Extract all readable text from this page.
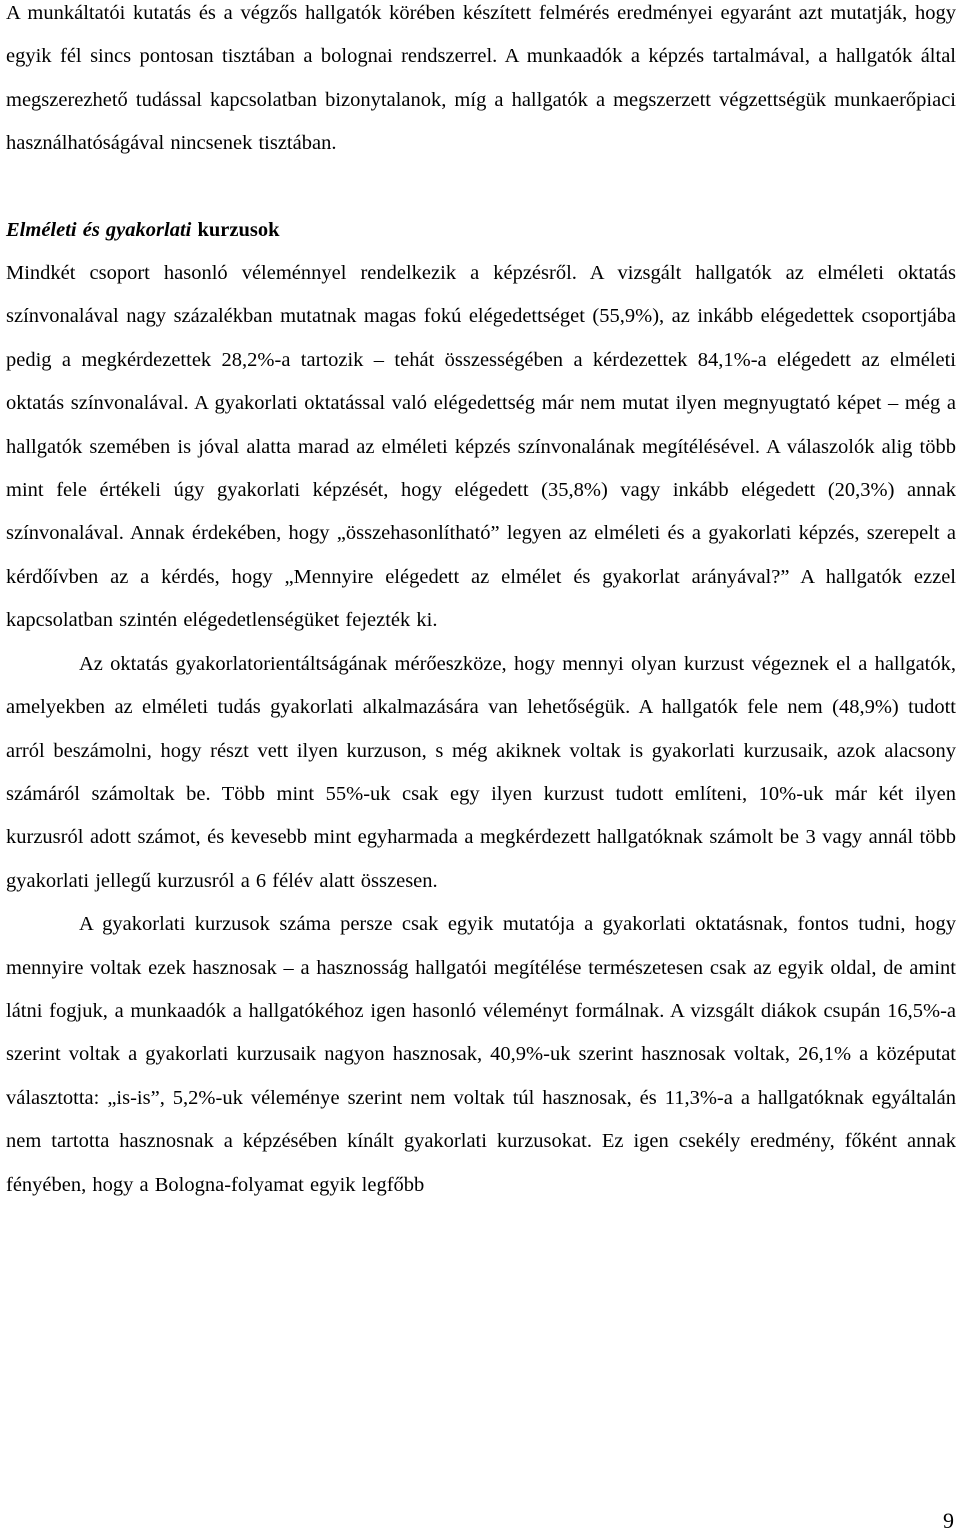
A munkáltatói kutatás és a végzős hallgatók körében készített felmérés eredményei egyaránt azt mutatják, hogy egyik fél sincs pontosan tisztában a bolognai rendszerrel. A munkaadók a képzés tartalmával, a hallgatók által megszerezhető tudással kapcsolatban bizonytalanok, míg a hallgatók a megszerzett végzettségük munkaerőpiaci használhatóságával nincsenek tisztában.

Elméleti és gyakorlati kurzusok

Mindkét csoport hasonló véleménnyel rendelkezik a képzésről. A vizsgált hallgatók az elméleti oktatás színvonalával nagy százalékban mutatnak magas fokú elégedettséget (55,9%), az inkább elégedettek csoportjába pedig a megkérdezettek 28,2%-a tartozik – tehát összességében a kérdezettek 84,1%-a elégedett az elméleti oktatás színvonalával. A gyakorlati oktatással való elégedettség már nem mutat ilyen megnyugtató képet – még a hallgatók szemében is jóval alatta marad az elméleti képzés színvonalának megítélésével. A válaszolók alig több mint fele értékeli úgy gyakorlati képzését, hogy elégedett (35,8%) vagy inkább elégedett (20,3%) annak színvonalával. Annak érdekében, hogy „összehasonlítható” legyen az elméleti és a gyakorlati képzés, szerepelt a kérdőívben az a kérdés, hogy „Mennyire elégedett az elmélet és gyakorlat arányával?” A hallgatók ezzel kapcsolatban szintén elégedetlenségüket fejezték ki.

Az oktatás gyakorlatorientáltságának mérőeszköze, hogy mennyi olyan kurzust végeznek el a hallgatók, amelyekben az elméleti tudás gyakorlati alkalmazására van lehetőségük. A hallgatók fele nem (48,9%) tudott arról beszámolni, hogy részt vett ilyen kurzuson, s még akiknek voltak is gyakorlati kurzusaik, azok alacsony számáról számoltak be. Több mint 55%-uk csak egy ilyen kurzust tudott említeni, 10%-uk már két ilyen kurzusról adott számot, és kevesebb mint egyharmada a megkérdezett hallgatóknak számolt be 3 vagy annál több gyakorlati jellegű kurzusról a 6 félév alatt összesen.

A gyakorlati kurzusok száma persze csak egyik mutatója a gyakorlati oktatásnak, fontos tudni, hogy mennyire voltak ezek hasznosak – a hasznosság hallgatói megítélése természetesen csak az egyik oldal, de amint látni fogjuk, a munkaadók a hallgatókéhoz igen hasonló véleményt formálnak. A vizsgált diákok csupán 16,5%-a szerint voltak a gyakorlati kurzusaik nagyon hasznosak, 40,9%-uk szerint hasznosak voltak, 26,1% a középutat választotta: „is-is”, 5,2%-uk véleménye szerint nem voltak túl hasznosak, és 11,3%-a a hallgatóknak egyáltalán nem tartotta hasznosnak a képzésében kínált gyakorlati kurzusokat. Ez igen csekély eredmény, főként annak fényében, hogy a Bologna-folyamat egyik legfőbb

9
